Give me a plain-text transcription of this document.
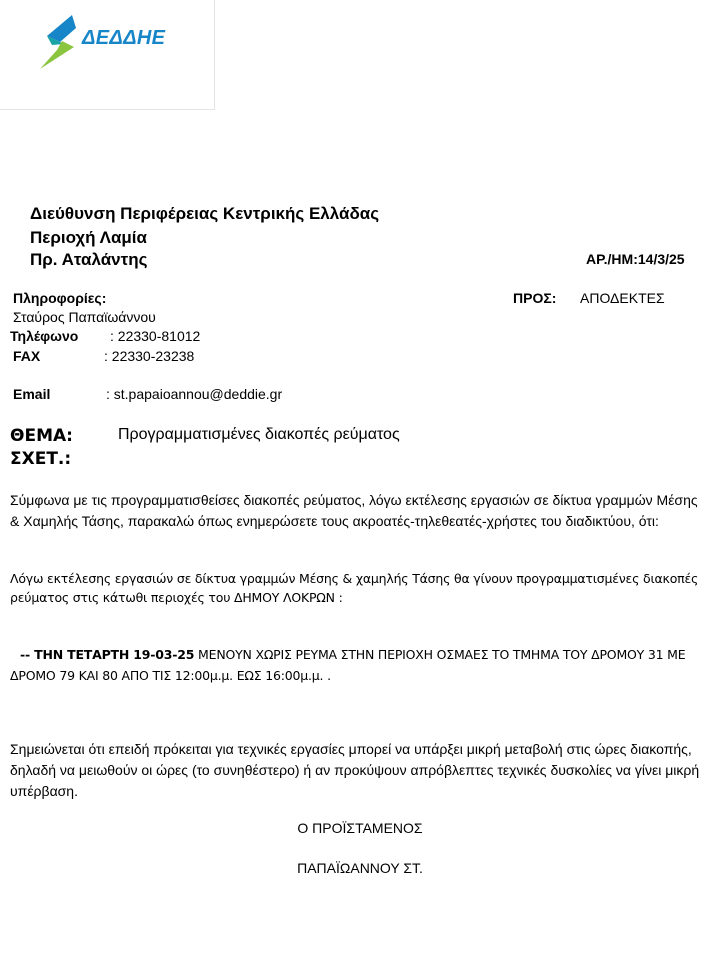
ΔΕΔΔΗΕ
Διεύθυνση Περιφέρειας Κεντρικής Ελλάδας
Περιοχή Λαμία
Πρ. Αταλάντης	ΑΡ./ΗΜ:14/3/25
Πληροφορίες:
Σταύρος Παπαϊωάννου
Τηλέφωνο : 22330-81012
FAX	: 22330-23238
Email	: st.papaioannou@deddie.gr
ΠΡΟΣ: ΑΠΟΔΕΚΤΕΣ
ΘΕΜΑ:	Προγραμματισμένες διακοπές ρεύματος
ΣΧΕΤ.:
Σύμφωνα με τις προγραμματισθείσες διακοπές ρεύματος, λόγω εκτέλεσης εργασιών σε δίκτυα γραμμών Μέσης & Χαμηλής Τάσης, παρακαλώ όπως ενημερώσετε τους ακροατές-τηλεθεατές-χρήστες του διαδικτύου, ότι:
Λόγω εκτέλεσης εργασιών σε δίκτυα γραμμών Μέσης & χαμηλής Τάσης θα γίνουν προγραμματισμένες διακοπές ρεύματος στις κάτωθι περιοχές του ΔΗΜΟΥ ΛΟΚΡΩΝ :
-- ΤΗΝ ΤΕΤΑΡΤΗ 19-03-25 ΜΕΝΟΥΝ ΧΩΡΙΣ ΡΕΥΜΑ ΣΤΗΝ ΠΕΡΙΟΧΗ ΟΣΜΑΕΣ ΤΟ ΤΜΗΜΑ ΤΟΥ ΔΡΟΜΟΥ 31 ΜΕ ΔΡΟΜΟ 79 ΚΑΙ 80 ΑΠΟ ΤΙΣ 12:00μ.μ. ΕΩΣ 16:00μ.μ. .
Σημειώνεται ότι επειδή πρόκειται για τεχνικές εργασίες μπορεί να υπάρξει μικρή μεταβολή στις ώρες διακοπής, δηλαδή να μειωθούν οι ώρες (το συνηθέστερο) ή αν προκύψουν απρόβλεπτες τεχνικές δυσκολίες να γίνει μικρή υπέρβαση.
Ο ΠΡΟΪΣΤΑΜΕΝΟΣ
ΠΑΠΑΪΩΑΝΝΟΥ ΣΤ.
